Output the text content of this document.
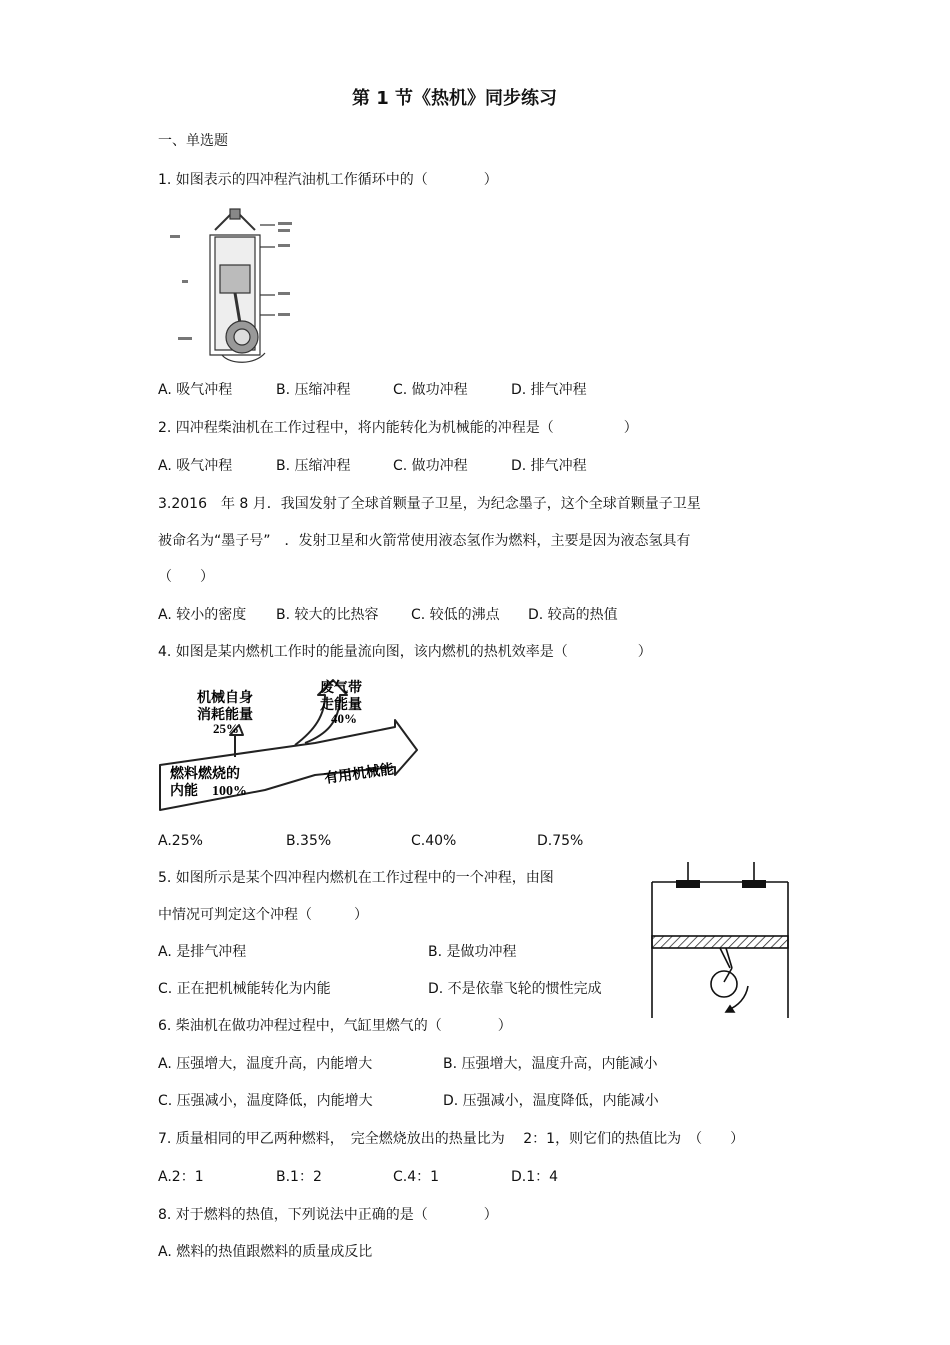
第 1 节《热机》同步练习
一、单选题
1. 如图表示的四冲程汽油机工作循环中的（　　　　）
A. 吸气冲程	B. 压缩冲程	C. 做功冲程	D. 排气冲程
2. 四冲程柴油机在工作过程中，将内能转化为机械能的冲程是（　　　　　）
A. 吸气冲程	B. 压缩冲程	C. 做功冲程	D. 排气冲程
3.2016　年 8 月．我国发射了全球首颗量子卫星，为纪念墨子，这个全球首颗量子卫星
被命名为“墨子号”　．发射卫星和火箭常使用液态氢作为燃料，主要是因为液态氢具有
（　　）
A. 较小的密度 B. 较大的比热容 C. 较低的沸点 D. 较高的热值
4. 如图是某内燃机工作时的能量流向图，该内燃机的热机效率是（　　　　　）
机械自身
消耗能量
25%
废气带
走能量
40%
燃料燃烧的
内能　100%
有用机械能
A.25%	B.35%	C.40%	D.75%
5. 如图所示是某个四冲程内燃机在工作过程中的一个冲程，由图
中情况可判定这个冲程（　　　）
A. 是排气冲程	B. 是做功冲程
C. 正在把机械能转化为内能	D. 不是依靠飞轮的惯性完成
6. 柴油机在做功冲程过程中，气缸里燃气的（　　　　）
A. 压强增大，温度升高，内能增大	B. 压强增大，温度升高，内能减小
C. 压强减小，温度降低，内能增大	D. 压强减小，温度降低，内能减小
7. 质量相同的甲乙两种燃料，　完全燃烧放出的热量比为　 2：1，则它们的热值比为　（　　）
A.2：1	B.1：2	C.4：1	D.1：4
8. 对于燃料的热值，下列说法中正确的是（　　　　）
A. 燃料的热值跟燃料的质量成反比
